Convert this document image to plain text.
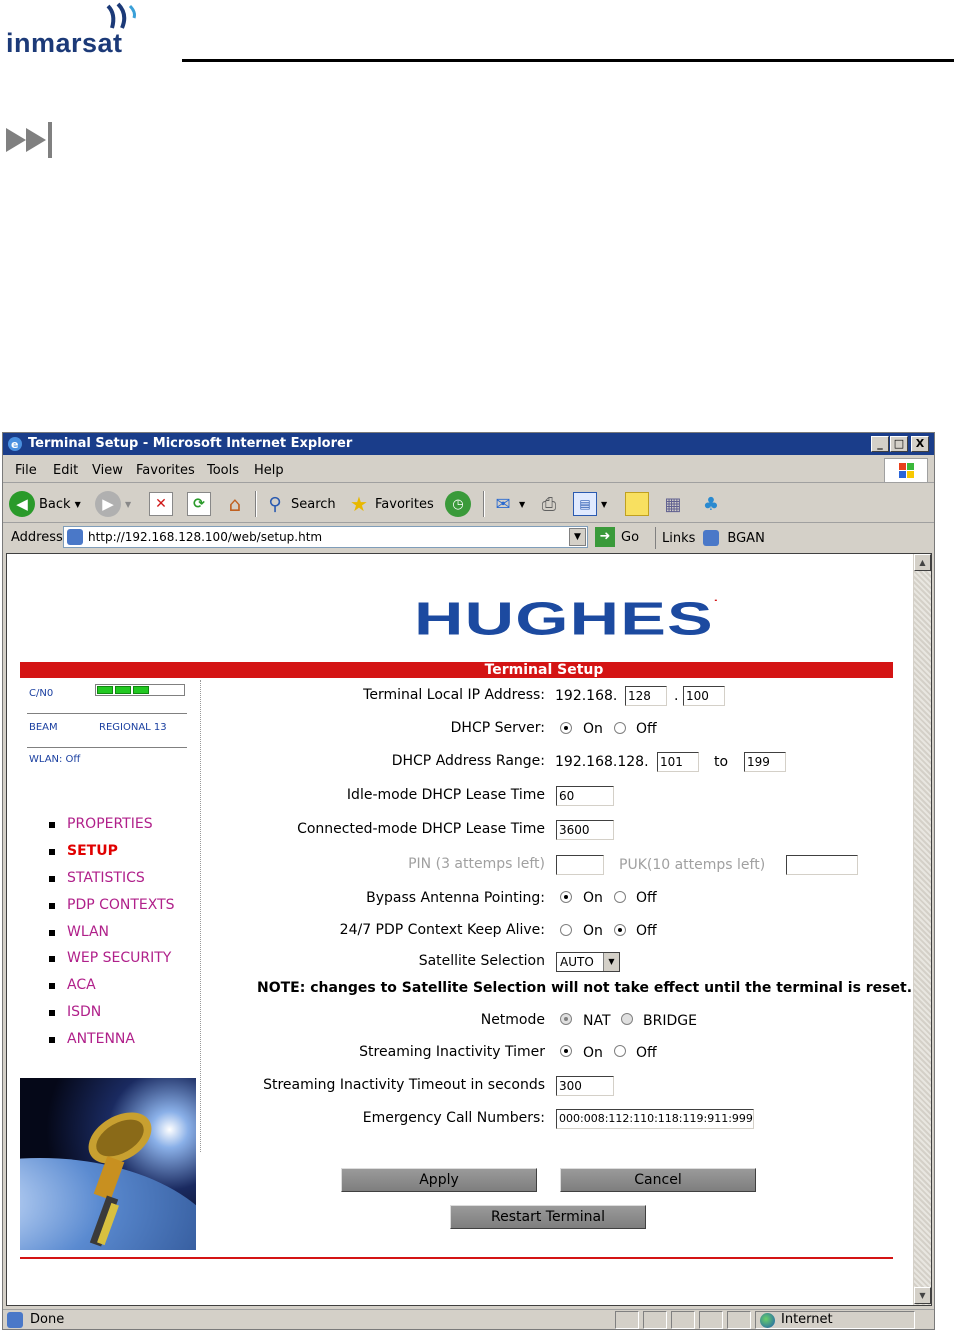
inmarsat
e Terminal Setup - Microsoft Internet Explorer	_	□	X
File Edit View Favorites Tools Help
◀ Back ▼	▶	▼	✕	⟳	⌂	⚲ Search ★ Favorites	◷	✉	▼ ⎙	▤	▼	▦ ♣
Address http://192.168.128.100/web/setup.htm	▼	➜ Go Links BGAN
HUGHES.
Terminal Setup
C/N0
BEAM	REGIONAL 13
WLAN: Off
PROPERTIES
SETUP
STATISTICS
PDP CONTEXTS
WLAN
WEP SECURITY
ACA
ISDN
ANTENNA
Terminal Local IP Address: 192.168. 128	. 100
DHCP Server:	On Off
DHCP Address Range: 192.168.128. 101	to 199
Idle-mode DHCP Lease Time 60
Connected-mode DHCP Lease Time 3600
PIN (3 attemps left)	PUK(10 attemps left)
Bypass Antenna Pointing:	On Off
24/7 PDP Context Keep Alive:	On Off
Satellite Selection	AUTO	▼
NOTE: changes to Satellite Selection will not take effect until the terminal is reset.
Netmode	NAT BRIDGE
Streaming Inactivity Timer	On Off
Streaming Inactivity Timeout in seconds 300
Emergency Call Numbers: 000:008:112:110:118:119:911:999
Apply	Cancel
Restart Terminal
▲
▼
Done	Internet
